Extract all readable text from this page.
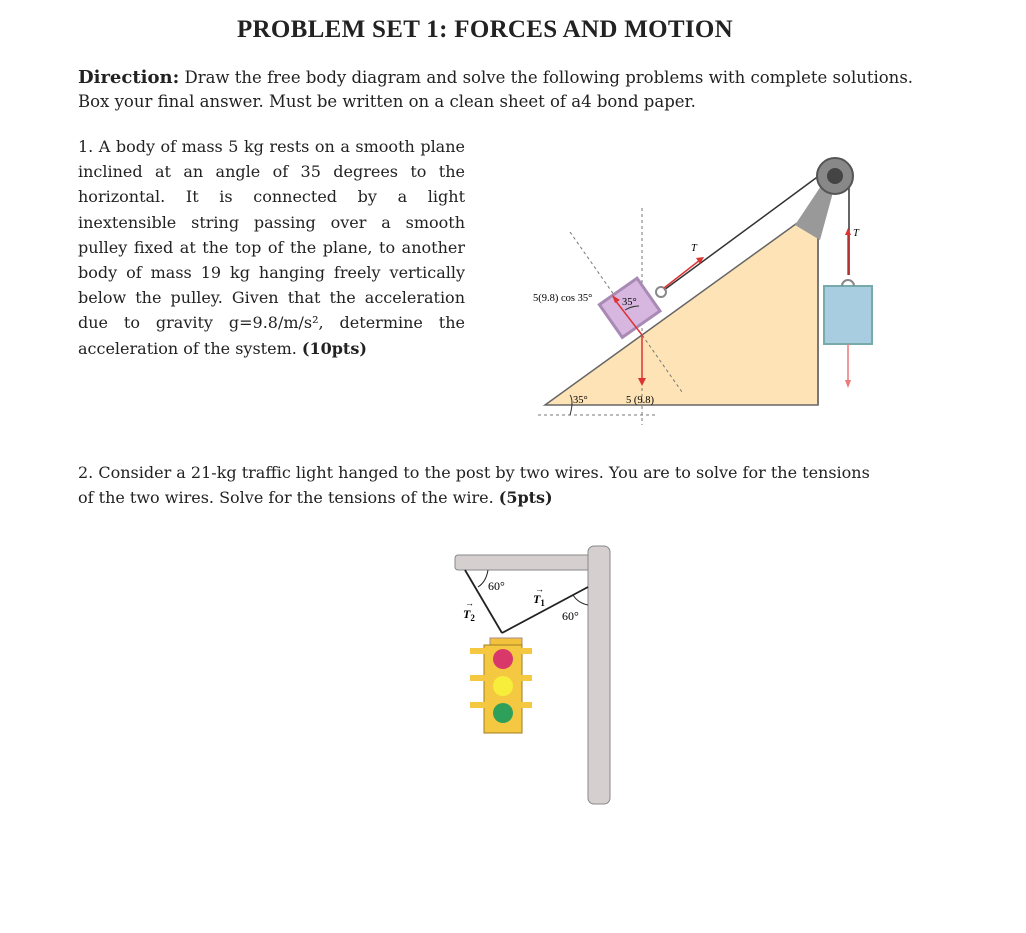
PROBLEM SET 1: FORCES AND MOTION
Direction: Draw the free body diagram and solve the following problems with complete solutions. Box your final answer. Must be written on a clean sheet of a4 bond paper.
1. A body of mass 5 kg rests on a smooth plane inclined at an angle of 35 degrees to the horizontal. It is connected by a light inextensible string passing over a smooth pulley fixed at the top of the plane, to another body of mass 19 kg hanging freely vertically below the pulley. Given that the acceleration due to gravity g=9.8/m/s², determine the acceleration of the system. (10pts)
5(9.8) cos 35°	35°
35°	5 (9.8)
T
T
2. Consider a 21-kg traffic light hanged to the post by two wires. You are to solve for the tensions of the two wires. Solve for the tensions of the wire. (5pts)
60°
60°
$T_1$
$T_2$
→
→
